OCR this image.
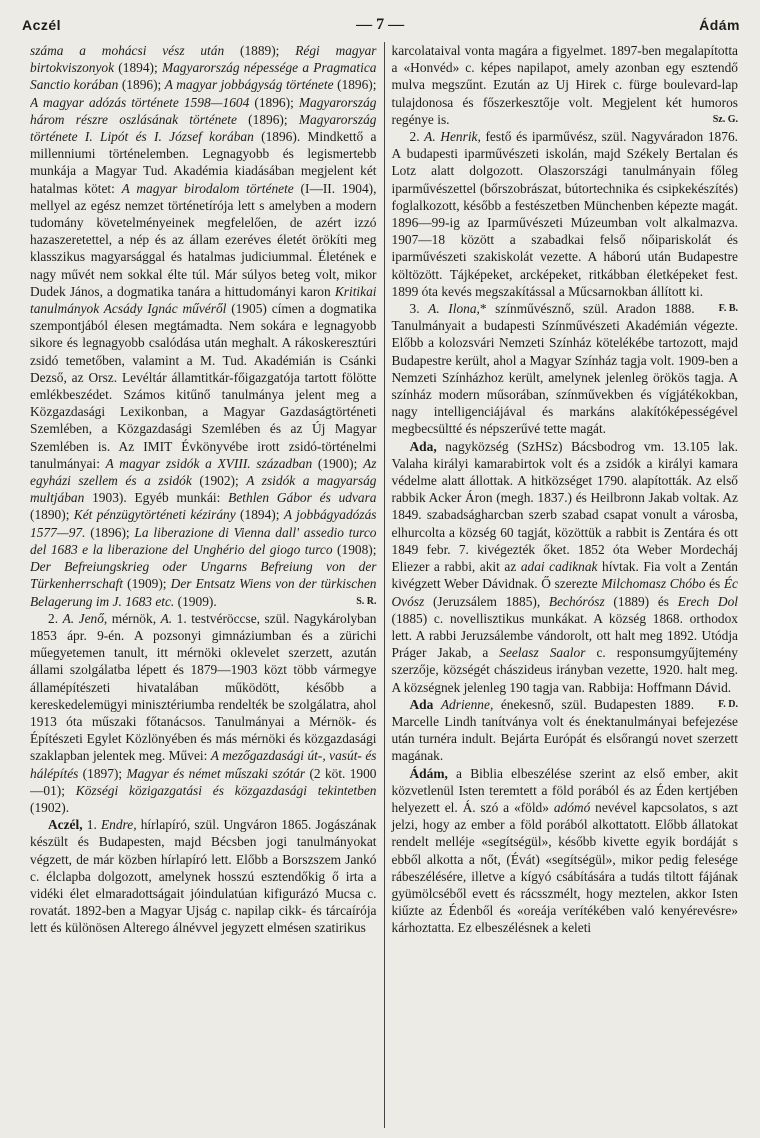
Aczél	— 7 —	Ádám

száma a mohácsi vész után (1889); Régi magyar birtokviszonyok (1894); Magyarország népessége a Pragmatica Sanctio korában (1896); A magyar jobbágyság története (1896); A magyar adózás története 1598—1604 (1896); Magyarország három részre oszlásának története (1896); Magyarország története I. Lipót és I. József korában (1896). Mindkettő a millenniumi történelemben. Legnagyobb és legismertebb munkája a Magyar Tud. Akadémia kiadásában megjelent két hatalmas kötet: A magyar birodalom története (I—II. 1904), mellyel az egész nemzet történetírója lett s amelyben a modern tudomány követelményeinek megfelelően, de azért izzó hazaszeretettel, a nép és az állam ezeréves életét örökíti meg klasszikus magyarsággal és hatalmas judiciummal. Életének e nagy művét nem sokkal élte túl. Már súlyos beteg volt, mikor Dudek János, a dogmatika tanára a hittudományi karon Kritikai tanulmányok Acsády Ignác művéről (1905) címen a dogmatika szempontjából élesen megtámadta. Nem sokára e legnagyobb sikore és legnagyobb csalódása után meghalt. A rákoskeresztúri zsidó temetőben, valamint a M. Tud. Akadémián is Csánki Dezső, az Orsz. Levéltár államtitkár-főigazgatója tartott fölötte emlékbeszédet. Számos kitűnő tanulmánya jelent meg a Közgazdasági Lexikonban, a Magyar Gazdaságtörténeti Szemlében, a Közgazdasági Szemlében és az Új Magyar Szemlében is. Az IMIT Évkönyvébe irott zsidó-történelmi tanulmányai: A magyar zsidók a XVIII. században (1900); Az egyházi szellem és a zsidók (1902); A zsidók a magyarság multjában 1903). Egyéb munkái: Bethlen Gábor és udvara (1890); Két pénzügytörténeti kézirány (1894); A jobbágyadózás 1577—97. (1896); La liberazione di Vienna dall' assedio turco del 1683 e la liberazione del Unghério del giogo turco (1908); Der Befreiungskrieg oder Ungarns Befreiung von der Türkenherrschaft (1909); Der Entsatz Wiens von der türkischen Belagerung im J. 1683 etc. (1909).	S. R.

2. A. Jenő, mérnök, A. 1. testvéröccse, szül. Nagykárolyban 1853 ápr. 9-én. A pozsonyi gimnáziumban és a zürichi műegyetemen tanult, itt mérnöki oklevelet szerzett, azután állami szolgálatba lépett és 1879—1903 közt több vármegye államépítészeti hivatalában működött, később a kereskedelemügyi minisztériumba rendelték be szolgálatra, ahol 1913 óta műszaki főtanácsos. Tanulmányai a Mérnök- és Építészeti Egylet Közlönyében és más mérnöki és közgazdasági szaklapban jelentek meg. Művei: A mezőgazdasági út-, vasút- és hálépítés (1897); Magyar és német műszaki szótár (2 köt. 1900—01); Községi közigazgatási és közgazdasági tekintetben (1902).

Aczél, 1. Endre, hírlapíró, szül. Ungváron 1865. Jogászának készült és Budapesten, majd Bécsben jogi tanulmányokat végzett, de már közben hírlapíró lett. Előbb a Borszszem Jankó c. élclapba dolgozott, amelynek hosszú esztendőkig ő irta a vidéki élet elmaradottságait jóindulatúan kifigurázó Mucsa c. rovatát. 1892-ben a Magyar Ujság c. napilap cikk- és tárcaírója lett és különösen Alterego álnévvel jegyzett elmésen szatirikus

karcolataival vonta magára a figyelmet. 1897-ben megalapította a «Honvéd» c. képes napilapot, amely azonban egy esztendő mulva megszűnt. Ezután az Uj Hirek c. fürge boulevard-lap tulajdonosa és főszerkesztője volt. Megjelent két humoros regénye is.	Sz. G.

2. A. Henrik, festő és iparművész, szül. Nagyváradon 1876. A budapesti iparművészeti iskolán, majd Székely Bertalan és Lotz alatt dolgozott. Olaszországi tanulmányain főleg iparművészettel (bőrszobrászat, bútortechnika és csipkekészítés) foglalkozott, később a festészetben Münchenben képezte magát. 1896—99-ig az Iparművészeti Múzeumban volt alkalmazva. 1907—18 között a szabadkai felső nőipariskolát és iparművészeti szakiskolát vezette. A háború után Budapestre költözött. Tájképeket, arcképeket, ritkábban életképeket fest. 1899 óta kevés megszakítással a Műcsarnokban állított ki.
F. B.

3. A. Ilona,* színművésznő, szül. Aradon 1888. Tanulmányait a budapesti Színművészeti Akadémián végezte. Előbb a kolozsvári Nemzeti Színház kötelékébe tartozott, majd Budapestre került, ahol a Magyar Színház tagja volt. 1909-ben a Nemzeti Színházhoz került, amelynek jelenleg örökös tagja. A színház modern műsorában, színművekben és vígjátékokban, nagy intelligenciájával és markáns alakítóképességével megbecsültté és népszerűvé tette magát.

Ada, nagyközség (SzHSz) Bácsbodrog vm. 13.105 lak. Valaha királyi kamarabirtok volt és a zsidók a királyi kamara védelme alatt állottak. A hitközséget 1790. alapították. Az első rabbik Acker Áron (megh. 1837.) és Heilbronn Jakab voltak. Az 1849. szabadságharcban szerb szabad csapat vonult a városba, elhurcolta a község 60 tagját, közöttük a rabbit is Zentára és ott 1849 febr. 7. kivégezték őket. 1852 óta Weber Mordecháj Eliezer a rabbi, akit az adai cadiknak hívtak. Fia volt a Zentán kivégzett Weber Dávidnak. Ő szerezte Milchomasz Chóbo és Éc Ovósz (Jeruzsálem 1885), Bechórósz (1889) és Erech Dol (1885) c. novellisztikus munkákat. A község 1868. orthodox lett. A rabbi Jeruzsálembe vándorolt, ott halt meg 1892. Utódja Práger Jakab, a Seelasz Saalor c. responsumgyűjtemény szerzője, községét chászideus irányban vezette, 1920. halt meg. A községnek jelenleg 190 tagja van. Rabbija: Hoffmann Dávid.
F. D.

Ada Adrienne, énekesnő, szül. Budapesten 1889. Marcelle Lindh tanítványa volt és énektanulmányai befejezése után turnéra indult. Bejárta Európát és elsőrangú novet szerzett magának.

Ádám, a Biblia elbeszélése szerint az első ember, akit közvetlenül Isten teremtett a föld porából és az Éden kertjében helyezett el. Á. szó a «föld» adómó nevével kapcsolatos, s azt jelzi, hogy az ember a föld porából alkottatott. Előbb állatokat rendelt melléje «segítségül», később kivette egyik bordáját s ebből alkotta a nőt, (Évát) «segítségül», mikor pedig felesége rábeszélésére, illetve a kígyó csábítására a tudás tiltott fájának gyümölcséből evett és rácsszmélt, hogy meztelen, akkor Isten kiűzte az Édenből és «oreája verítékében való kenyérevésre» kárhoztatta. Ez elbeszélésnek a keleti
